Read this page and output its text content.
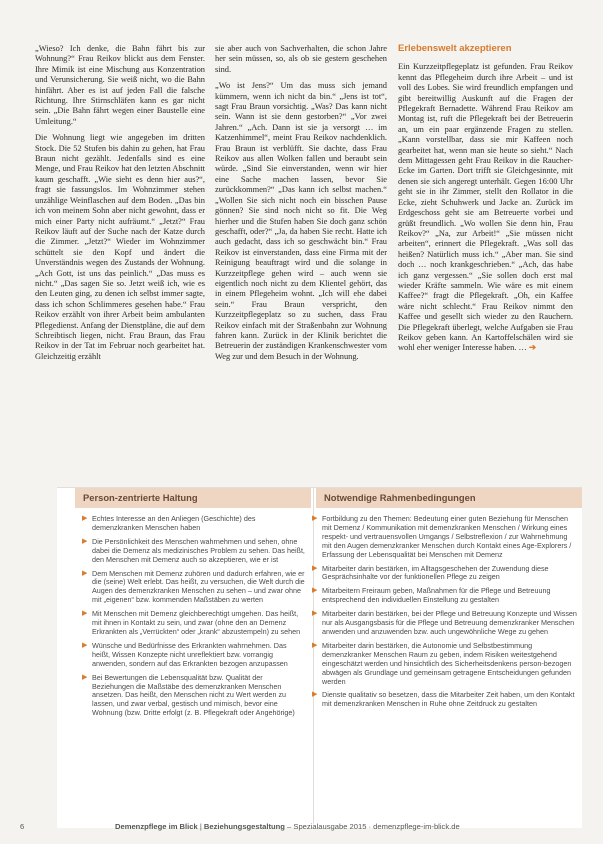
„Wieso? Ich denke, die Bahn fährt bis zur Wohnung?“ Frau Reikov blickt aus dem Fenster. Ihre Mimik ist eine Mischung aus Konzentration und Verunsicherung. Sie weiß nicht, wo die Bahn hinfährt. Aber es ist auf jeden Fall die falsche Richtung. Ihre Stirnschläfen kann es gar nicht sein. „Die Bahn fährt wegen einer Baustelle eine Umleitung.“

Die Wohnung liegt wie angegeben im dritten Stock. Die 52 Stufen bis dahin zu gehen, hat Frau Braun nicht gezählt. Jedenfalls sind es eine Menge, und Frau Reikov hat den letzten Abschnitt kaum geschafft. „Wie sieht es denn hier aus?“, fragt sie fassungslos. Im Wohnzimmer stehen unzählige Weinflaschen auf dem Boden. „Das bin ich von meinem Sohn aber nicht gewohnt, dass er mich einer Party nicht aufräumt.“ „Jetzt?“ Frau Reikov läuft auf der Suche nach der Katze durch die Zimmer. „Jetzt?“ Wieder im Wohnzimmer schüttelt sie den Kopf und ändert die Unverständnis wegen des Zustands der Wohnung. „Ach Gott, ist uns das peinlich.“ „Das muss es nicht.“ „Das sagen Sie so. Jetzt weiß ich, wie es den Leuten ging, zu denen ich selbst immer sagte, dass ich schon Schlimmeres gesehen habe.“ Frau Reikov erzählt von ihrer Arbeit beim ambulanten Pflegedienst. Anfang der Dienstpläne, die auf dem Schreibtisch liegen, nicht. Frau Braun, das Frau Reikov in der Tat im Februar noch gearbeitet hat. Gleichzeitig erzählt

sie aber auch von Sachverhalten, die schon Jahre her sein müssen, so, als ob sie gestern geschehen sind.

„Wo ist Jens?“ Um das muss sich jemand kümmern, wenn ich nicht da bin.“ „Jens ist tot“, sagt Frau Braun vorsichtig. „Was? Das kann nicht sein. Wann ist sie denn gestorben?“ „Vor zwei Jahren.“ „Ach. Dann ist sie ja versorgt … im Katzenhimmel“, meint Frau Reikov nachdenklich. Frau Braun ist verblüfft. Sie dachte, dass Frau Reikov aus allen Wolken fallen und beraubt sein würde. „Sind Sie einverstanden, wenn wir hier eine Sache machen lassen, bevor Sie zurückkommen?“ „Das kann ich selbst machen.“ „Wollen Sie sich nicht noch ein bisschen Pause gönnen? Sie sind noch nicht so fit. Die Weg hierher und die Stufen haben Sie doch ganz schön geschafft, oder?“ „Ja, da haben Sie recht. Hatte ich auch gedacht, dass ich so geschwächt bin.“ Frau Reikov ist einverstanden, dass eine Firma mit der Reinigung beauftragt wird und die solange in Kurzzeitpflege gehen wird – auch wenn sie eigentlich noch nicht zu dem Klientel gehört, das in einem Pflegeheim wohnt. „Ich will ehe dabei sein.“ Frau Braun verspricht, den Kurzzeitpflegeplatz so zu suchen, dass Frau Reikov einfach mit der Straßenbahn zur Wohnung fahren kann. Zurück in der Klinik berichtet die Betreuerin der zuständigen Krankenschwester vom Weg zur und dem Besuch in der Wohnung.

Erlebenswelt akzeptieren

Ein Kurzzeitpflegeplatz ist gefunden. Frau Reikov kennt das Pflegeheim durch ihre Arbeit – und ist voll des Lobes. Sie wird freundlich empfangen und gibt bereitwillig Auskunft auf die Fragen der Pflegekraft Bernadette. Während Frau Reikov am Montag ist, ruft die Pflegekraft bei der Betreuerin an, um ein paar ergänzende Fragen zu stellen. „Kann vorstellbar, dass sie mir Kaffeen noch gearbeitet hat, wenn man sie heute so sieht.“ Nach dem Mittagessen geht Frau Reikov in die Raucher-Ecke im Garten. Dort trifft sie Gleichgesinnte, mit denen sie sich angeregt unterhält. Gegen 16:00 Uhr geht sie in ihr Zimmer, stellt den Rollator in die Ecke, zieht Schuhwerk und Jacke an. Zurück im Erdgeschoss geht sie am Betreuerte vorbei und grüßt freundlich. „Wo wollen Sie denn hin, Frau Reikov?“ „Na, zur Arbeit!“ „Sie müssen nicht arbeiten“, erinnert die Pflegekraft. „Was soll das heißen? Natürlich muss ich.“ „Aber man. Sie sind doch … noch krankgeschrieben.“ „Ach, das habe ich ganz vergessen.“ „Sie sollen doch erst mal wieder Kräfte sammeln. Wie wäre es mit einem Kaffee?“ fragt die Pflegekraft. „Oh, ein Kaffee wäre nicht schlecht.“ Frau Reikov nimmt den Kaffee und gesellt sich wieder zu den Rauchern. Die Pflegekraft überlegt, welche Aufgaben sie Frau Reikov geben kann. An Kartoffelschälen wird sie wohl eher weniger Interesse haben. … ➔

Person-zentrierte Haltung	Notwendige Rahmenbedingungen
▶ Echtes Interesse an den Anliegen (Geschichte) des demenzkranken Menschen haben
▶ Die Persönlichkeit des Menschen wahrnehmen und sehen, ohne dabei die Demenz als medizinisches Problem zu sehen. Das heißt, den Menschen mit Demenz auch so akzeptieren, wie er ist
▶ Dem Menschen mit Demenz zuhören und dadurch erfahren, wie er die (seine) Welt erlebt. Das heißt, zu versuchen, die Welt durch die Augen des demenzkranken Menschen zu sehen – und zwar ohne mit „eigenen“ bzw. kommenden Maßstäben zu werten
▶ Mit Menschen mit Demenz gleichberechtigt umgehen. Das heißt, mit ihnen in Kontakt zu sein, und zwar (ohne den an Demenz Erkrankten als „Verrückten“ oder „krank“ abzustempeln) zu sehen
▶ Wünsche und Bedürfnisse des Erkrankten wahrnehmen. Das heißt, Wissen Konzepte nicht unreflektiert bzw. vorrangig anwenden, sondern auf das Erkrankten bezogen anzupassen
▶ Bei Bewertungen die Lebensqualität bzw. Qualität der Beziehungen die Maßstäbe des demenzkranken Menschen ansetzen. Das heißt, den Menschen nicht zu Wert werden zu lassen, und zwar verbal, gestisch und mimisch, bevor eine Wohnung (bzw. Dritte erfolgt (z. B. Pflegekraft oder Angehörige)
▶ Fortbildung zu den Themen: Bedeutung einer guten Beziehung für Menschen mit Demenz / Kommunikation mit demenzkranken Menschen / Wirkung eines respekt- und vertrauensvollen Umgangs / Selbstreflexion / zur Wahrnehmung mit den Augen demenzkranker Menschen durch Kontakt eines Age-Explorers / Erfassung der Lebensqualität bei Menschen mit Demenz
▶ Mitarbeiter darin bestärken, im Alltagsgeschehen der Zuwendung diese Gesprächsinhalte vor der funktionellen Pflege zu zeigen
▶ Mitarbeitern Freiraum geben, Maßnahmen für die Pflege und Betreuung entsprechend den individuellen Einstellung zu gestalten
▶ Mitarbeiter darin bestärken, bei der Pflege und Betreuung Konzepte und Wissen nur als Ausgangsbasis für die Pflege und Betreuung demenzkranker Menschen anwenden und anzuwenden bzw. auch ungewöhnliche Wege zu gehen
▶ Mitarbeiter darin bestärken, die Autonomie und Selbstbestimmung demenzkranker Menschen Raum zu geben, indem Risiken weitestgehend eingeschätzt werden und hinsichtlich des Sicherheitsdenkens person-bezogen abwägen als Grundlage und gemeinsam getragene Entscheidungen gefunden werden
▶ Dienste qualitativ so besetzen, dass die Mitarbeiter Zeit haben, um den Kontakt mit demenzkranken Menschen in Ruhe ohne Zeitdruck zu gestalten
6	Demenzpflege im Blick | Beziehungsgestaltung – Spezialausgabe 2015 · demenzpflege-im-blick.de
